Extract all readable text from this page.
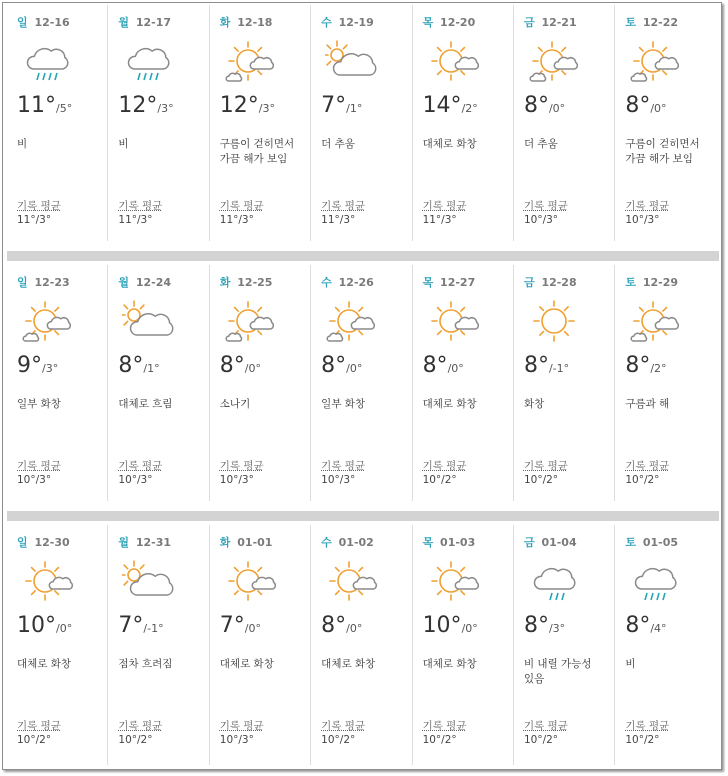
일 12-16
11°/5°
비
기록 평균
11°/3°
월 12-17
12°/3°
비
기록 평균
11°/3°
화 12-18
12°/3°
구름이 걷히면서 가끔 해가 보임
기록 평균
11°/3°
수 12-19
7°/1°
더 추움
기록 평균
11°/3°
목 12-20
14°/2°
대체로 화창
기록 평균
11°/3°
금 12-21
8°/0°
더 추움
기록 평균
10°/3°
토 12-22
8°/0°
구름이 걷히면서 가끔 해가 보임
기록 평균
10°/3°
일 12-23
9°/3°
일부 화창
기록 평균
10°/3°
월 12-24
8°/1°
대체로 흐림
기록 평균
10°/3°
화 12-25
8°/0°
소나기
기록 평균
10°/3°
수 12-26
8°/0°
일부 화창
기록 평균
10°/3°
목 12-27
8°/0°
대체로 화창
기록 평균
10°/2°
금 12-28
8°/-1°
화창
기록 평균
10°/2°
토 12-29
8°/2°
구름과 해
기록 평균
10°/2°
일 12-30
10°/0°
대체로 화창
기록 평균
10°/2°
월 12-31
7°/-1°
점차 흐려짐
기록 평균
10°/2°
화 01-01
7°/0°
대체로 화창
기록 평균
10°/3°
수 01-02
8°/0°
대체로 화창
기록 평균
10°/2°
목 01-03
10°/0°
대체로 화창
기록 평균
10°/2°
금 01-04
8°/3°
비 내릴 가능성 있음
기록 평균
10°/2°
토 01-05
8°/4°
비
기록 평균
10°/2°
